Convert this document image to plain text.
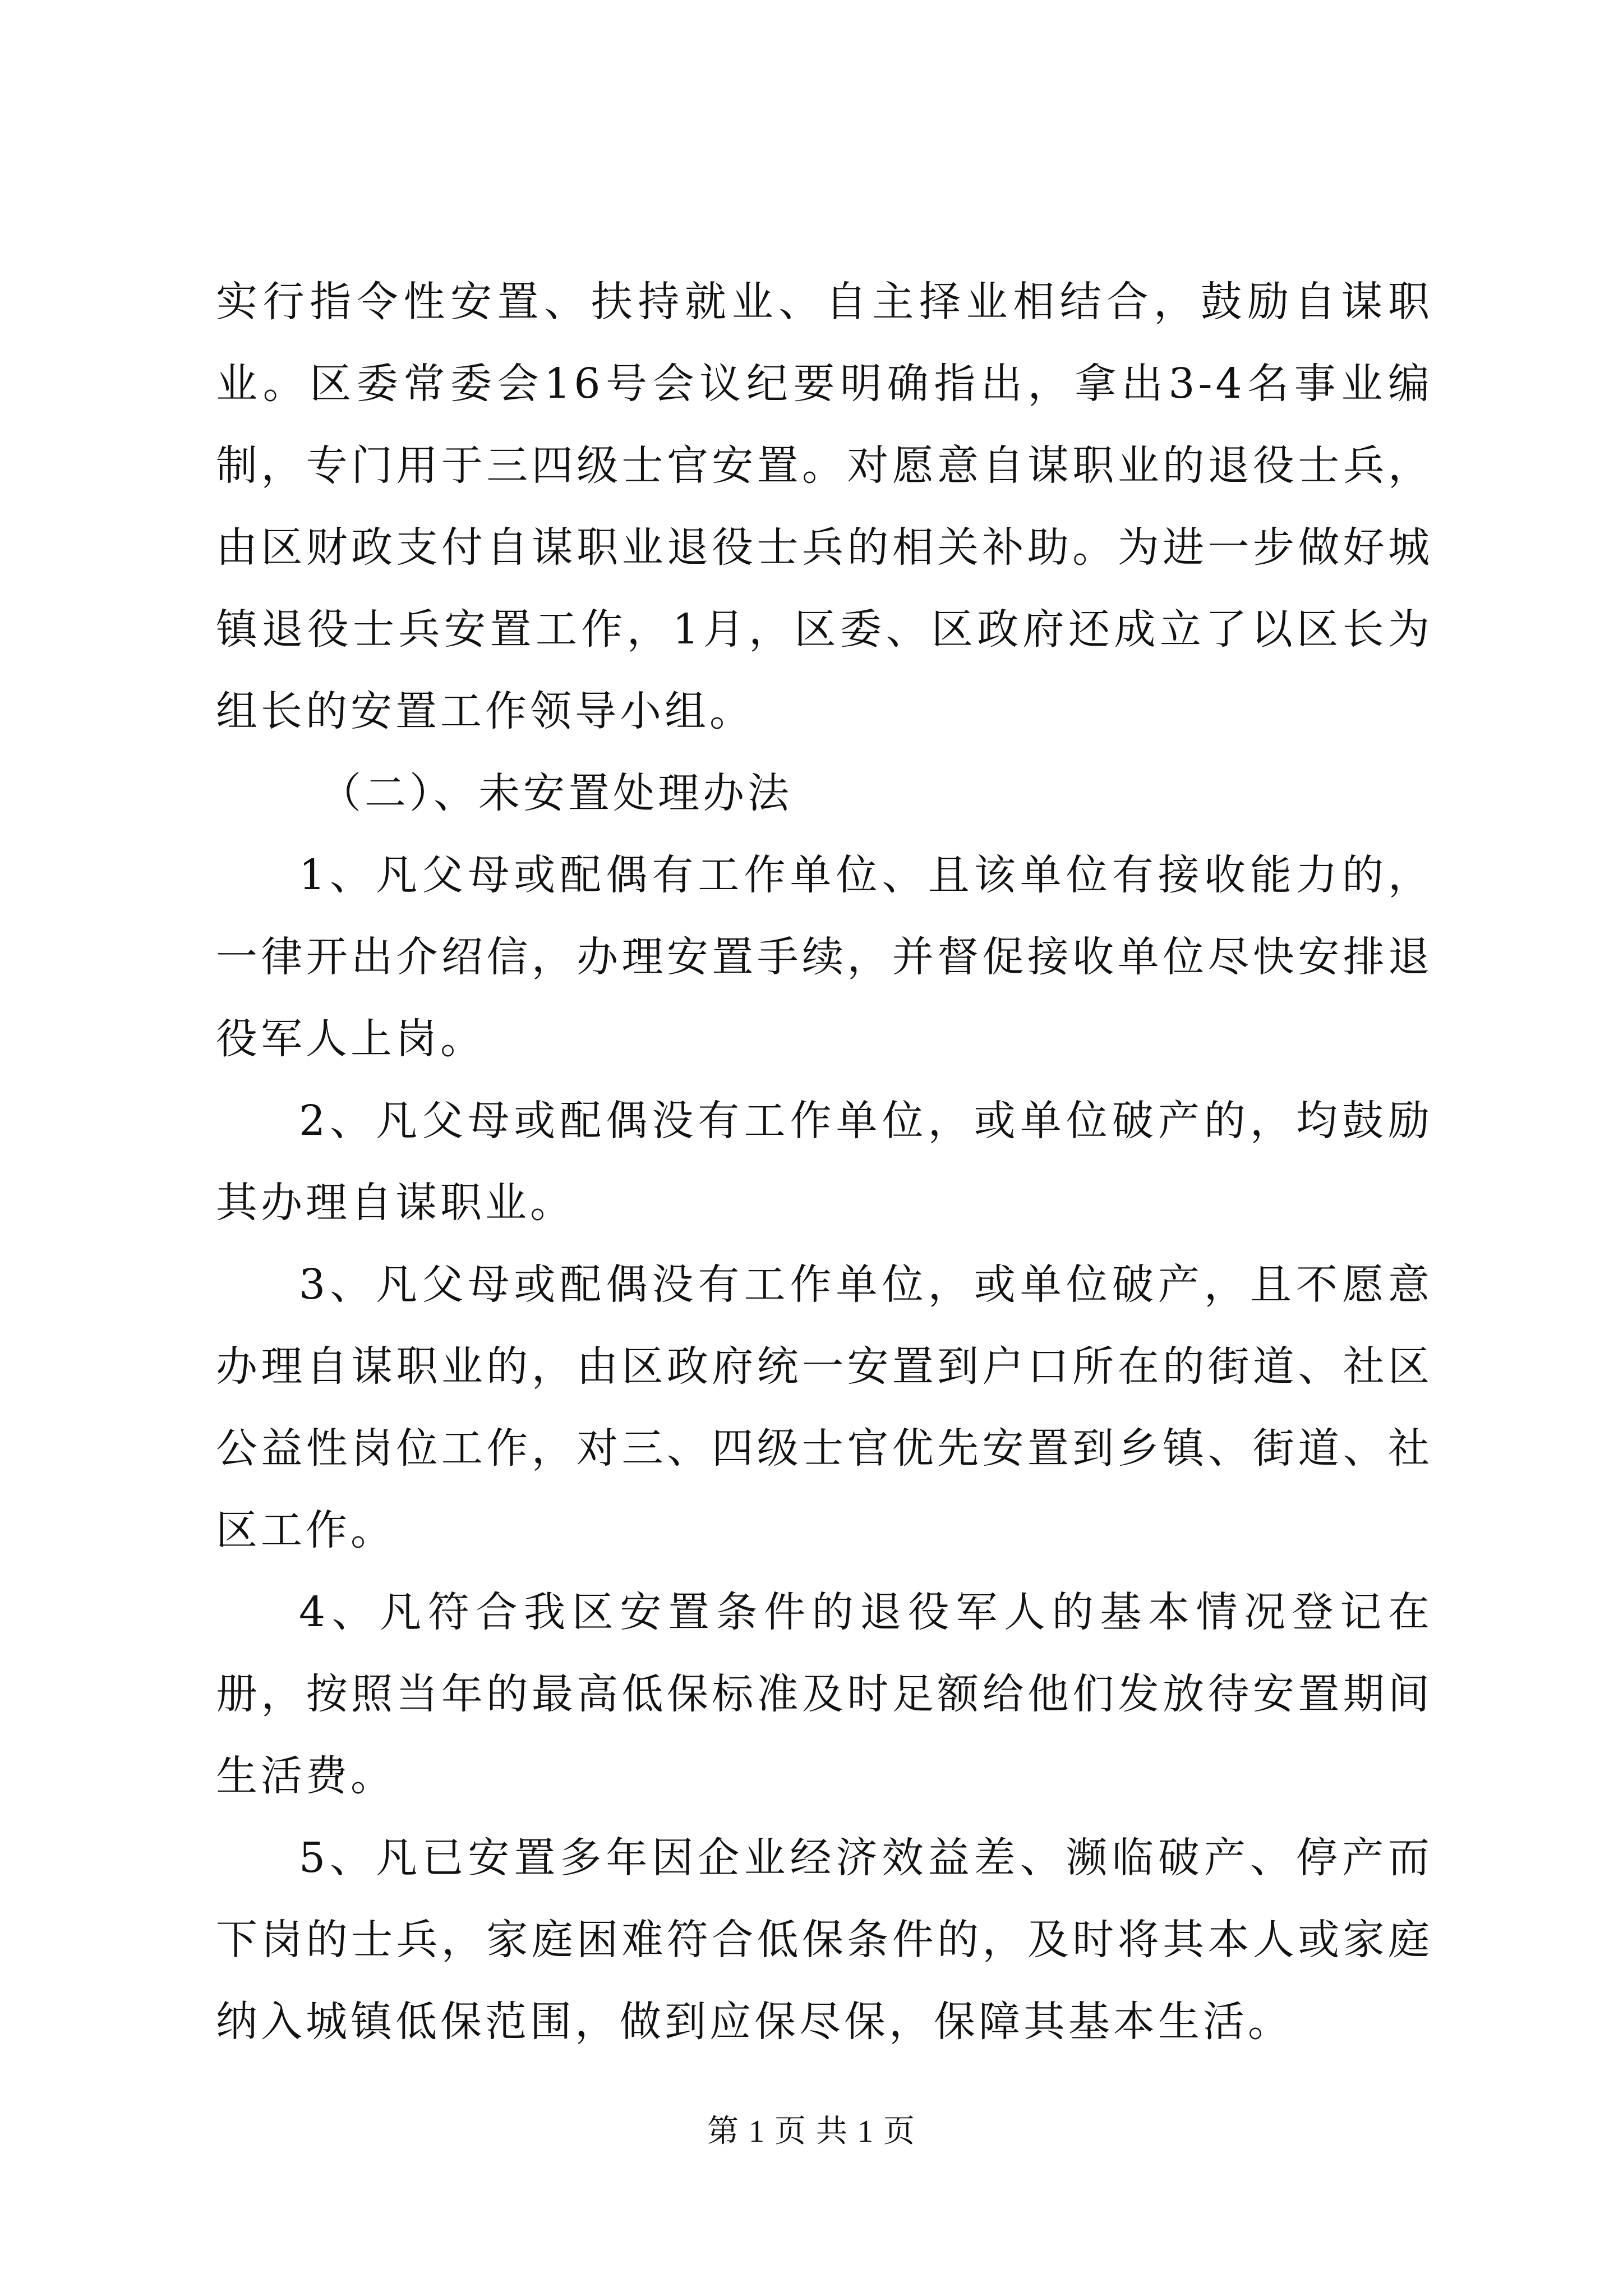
实行指令性安置、扶持就业、自主择业相结合，鼓励自谋职业。区委常委会16号会议纪要明确指出，拿出3-4名事业编制，专门用于三四级士官安置。对愿意自谋职业的退役士兵，由区财政支付自谋职业退役士兵的相关补助。为进一步做好城镇退役士兵安置工作，1月，区委、区政府还成立了以区长为组长的安置工作领导小组。

（二）、未安置处理办法

1、凡父母或配偶有工作单位、且该单位有接收能力的，一律开出介绍信，办理安置手续，并督促接收单位尽快安排退役军人上岗。

2、凡父母或配偶没有工作单位，或单位破产的，均鼓励其办理自谋职业。

3、凡父母或配偶没有工作单位，或单位破产，且不愿意办理自谋职业的，由区政府统一安置到户口所在的街道、社区公益性岗位工作，对三、四级士官优先安置到乡镇、街道、社区工作。

4、凡符合我区安置条件的退役军人的基本情况登记在册，按照当年的最高低保标准及时足额给他们发放待安置期间生活费。

5、凡已安置多年因企业经济效益差、濒临破产、停产而下岗的士兵，家庭困难符合低保条件的，及时将其本人或家庭纳入城镇低保范围，做到应保尽保，保障其基本生活。

第 1 页 共 1 页
